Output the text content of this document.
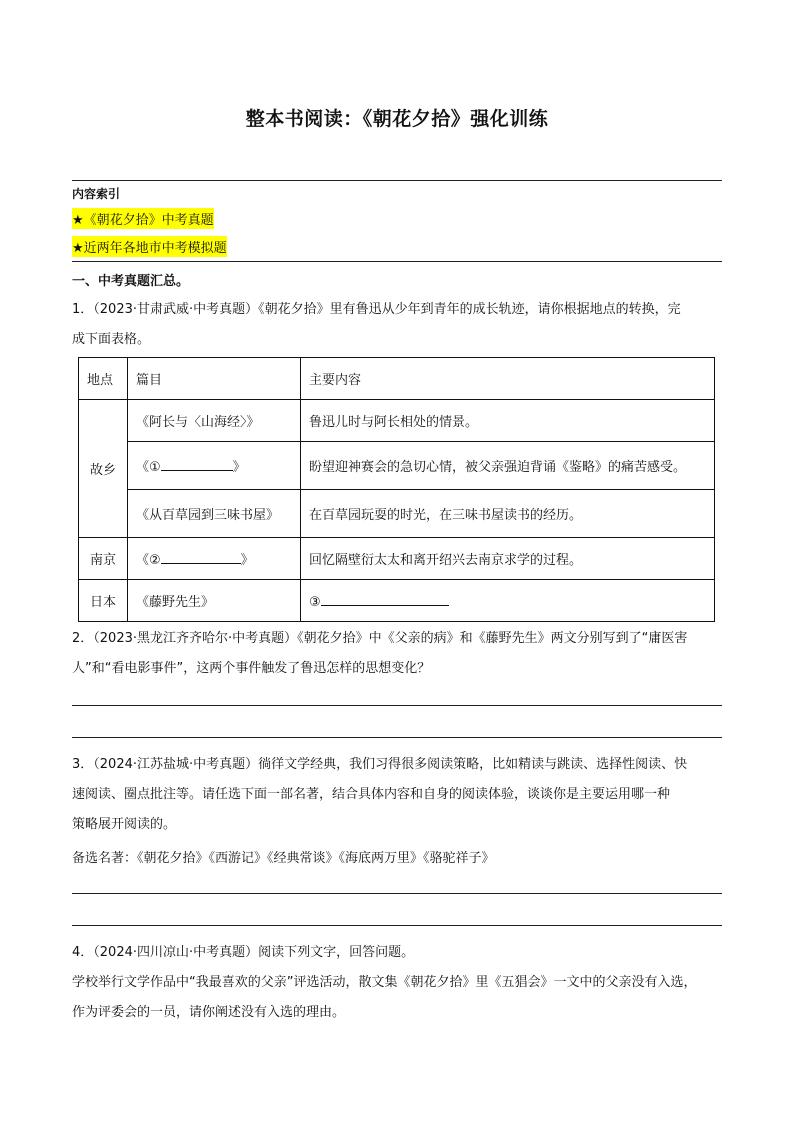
整本书阅读：《朝花夕拾》强化训练
内容索引
★《朝花夕拾》中考真题
★近两年各地市中考模拟题
一、中考真题汇总。
1．（2023·甘肃武威·中考真题）《朝花夕拾》里有鲁迅从少年到青年的成长轨迹，请你根据地点的转换，完
成下面表格。
地点	篇目	主要内容
故乡	《阿长与〈山海经〉》	鲁迅儿时与阿长相处的情景。
	《① 》	盼望迎神赛会的急切心情，被父亲强迫背诵《鉴略》的痛苦感受。
	《从百草园到三味书屋》	在百草园玩耍的时光，在三味书屋读书的经历。
南京	《② 》	回忆隔壁衍太太和离开绍兴去南京求学的过程。
日本	《藤野先生》	③
2．（2023·黑龙江齐齐哈尔·中考真题）《朝花夕拾》中《父亲的病》和《藤野先生》两文分别写到了“庸医害
人”和“看电影事件”，这两个事件触发了鲁迅怎样的思想变化？
3．（2024·江苏盐城·中考真题）徜徉文学经典，我们习得很多阅读策略，比如精读与跳读、选择性阅读、快
速阅读、圈点批注等。请任选下面一部名著，结合具体内容和自身的阅读体验，谈谈你是主要运用哪一种
策略展开阅读的。
备选名著：《朝花夕拾》《西游记》《经典常谈》《海底两万里》《骆驼祥子》
4．（2024·四川凉山·中考真题）阅读下列文字，回答问题。
学校举行文学作品中“我最喜欢的父亲”评选活动，散文集《朝花夕拾》里《五猖会》一文中的父亲没有入选，
作为评委会的一员，请你阐述没有入选的理由。
